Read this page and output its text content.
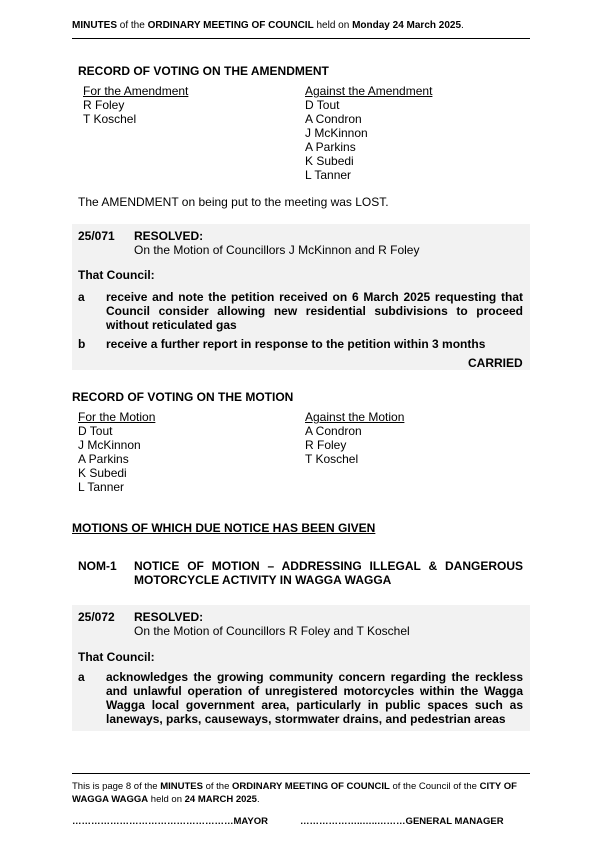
MINUTES of the ORDINARY MEETING OF COUNCIL held on Monday 24 March 2025.
RECORD OF VOTING ON THE AMENDMENT
For the Amendment
R Foley
T Koschel
Against the Amendment
D Tout
A Condron
J McKinnon
A Parkins
K Subedi
L Tanner
The AMENDMENT on being put to the meeting was LOST.
25/071 RESOLVED:
On the Motion of Councillors J McKinnon and R Foley
That Council:
a receive and note the petition received on 6 March 2025 requesting that Council consider allowing new residential subdivisions to proceed without reticulated gas
b receive a further report in response to the petition within 3 months
CARRIED
RECORD OF VOTING ON THE MOTION
For the Motion
D Tout
J McKinnon
A Parkins
K Subedi
L Tanner
Against the Motion
A Condron
R Foley
T Koschel
MOTIONS OF WHICH DUE NOTICE HAS BEEN GIVEN
NOM-1 NOTICE OF MOTION – ADDRESSING ILLEGAL & DANGEROUS
MOTORCYCLE ACTIVITY IN WAGGA WAGGA
25/072 RESOLVED:
On the Motion of Councillors R Foley and T Koschel
That Council:
a acknowledges the growing community concern regarding the reckless and unlawful operation of unregistered motorcycles within the Wagga Wagga local government area, particularly in public spaces such as laneways, parks, causeways, stormwater drains, and pedestrian areas
This is page 8 of the MINUTES of the ORDINARY MEETING OF COUNCIL of the Council of the CITY OF WAGGA WAGGA held on 24 MARCH 2025.
……………………………………………MAYOR	………………..…..………GENERAL MANAGER
